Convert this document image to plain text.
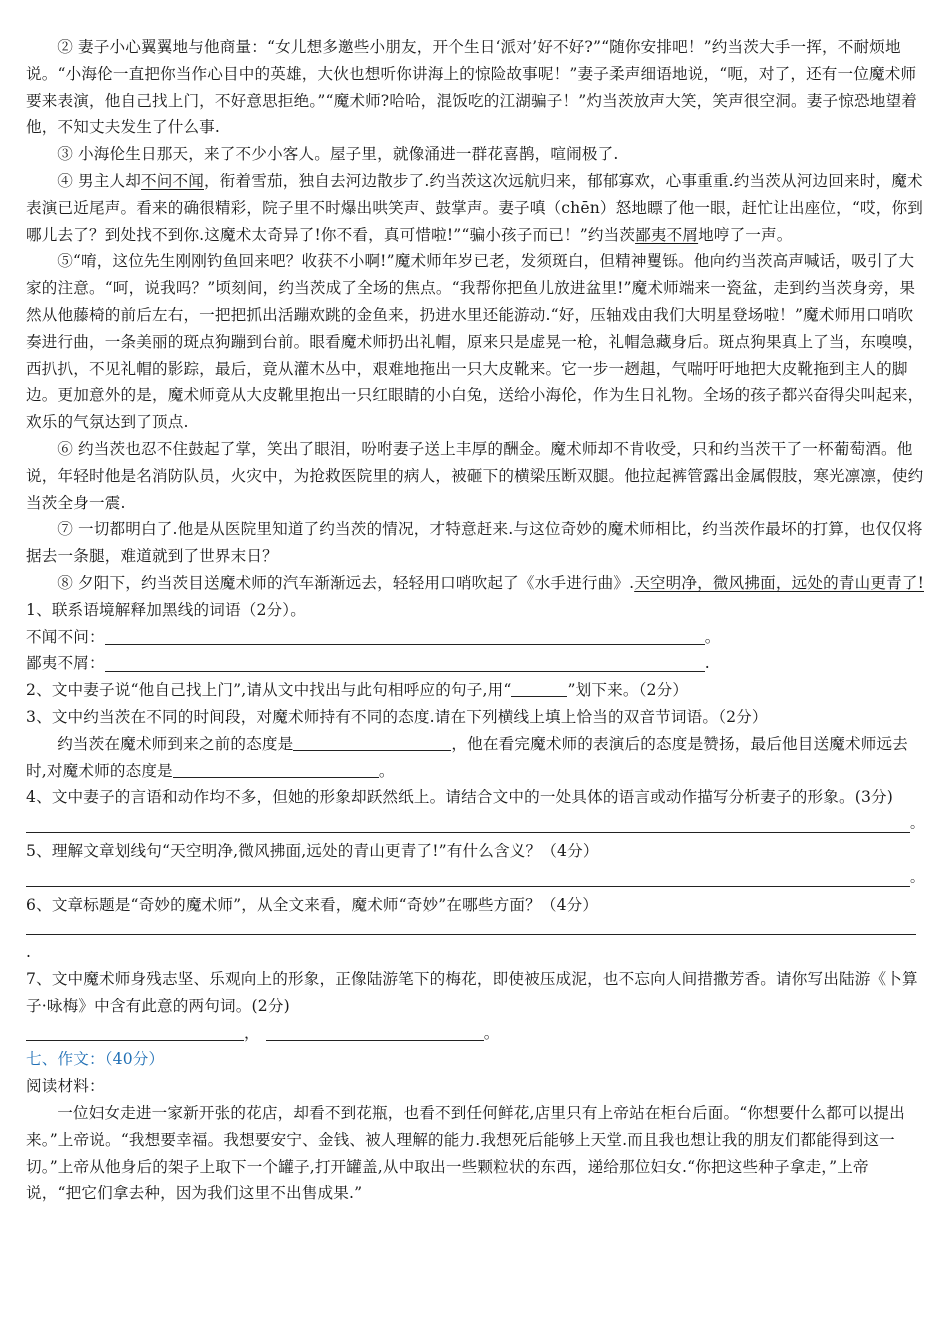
② 妻子小心翼翼地与他商量：“女儿想多邀些小朋友，开个生日‘派对’好不好?”“随你安排吧！”约当茨大手一挥，不耐烦地说。“小海伦一直把你当作心目中的英雄，大伙也想听你讲海上的惊险故事呢！”妻子柔声细语地说，“呃，对了，还有一位魔术师要来表演，他自己找上门，不好意思拒绝。”“魔术师?哈哈，混饭吃的江湖骗子！”灼当茨放声大笑，笑声很空洞。妻子惊恐地望着他，不知丈夫发生了什么事.

③ 小海伦生日那天，来了不少小客人。屋子里，就像涌进一群花喜鹊，喧闹极了.

④ 男主人却不问不闻，衔着雪茄，独自去河边散步了.约当茨这次远航归来，郁郁寡欢，心事重重.约当茨从河边回来时，魔术表演已近尾声。看来的确很精彩，院子里不时爆出哄笑声、鼓掌声。妻子嗔（chēn）怒地瞟了他一眼，赶忙让出座位，“哎，你到哪儿去了？到处找不到你.这魔术太奇异了!你不看，真可惜啦!”“骗小孩子而已！”约当茨鄙夷不屑地哼了一声。

⑤“唷，这位先生刚刚钓鱼回来吧？收获不小啊!”魔术师年岁已老，发须斑白，但精神矍铄。他向约当茨高声喊话，吸引了大家的注意。“呵，说我吗？”顷刻间，约当茨成了全场的焦点。“我帮你把鱼儿放进盆里!”魔术师端来一瓷盆，走到约当茨身旁，果然从他藤椅的前后左右，一把把抓出活蹦欢跳的金鱼来，扔进水里还能游动.“好，压轴戏由我们大明星登场啦！”魔术师用口哨吹奏进行曲，一条美丽的斑点狗蹦到台前。眼看魔术师扔出礼帽，原来只是虚晃一枪，礼帽急藏身后。斑点狗果真上了当，东嗅嗅，西扒扒，不见礼帽的影踪，最后，竟从灌木丛中，艰难地拖出一只大皮靴来。它一步一趔趄，气喘吁吁地把大皮靴拖到主人的脚边。更加意外的是，魔术师竟从大皮靴里抱出一只红眼睛的小白兔，送给小海伦，作为生日礼物。全场的孩子都兴奋得尖叫起来，欢乐的气氛达到了顶点.

⑥ 约当茨也忍不住鼓起了掌，笑出了眼泪，吩咐妻子送上丰厚的酬金。魔术师却不肯收受，只和约当茨干了一杯葡萄酒。他说，年轻时他是名消防队员，火灾中，为抢救医院里的病人，被砸下的横梁压断双腿。他拉起裤管露出金属假肢，寒光凛凛，使约当茨全身一震.

⑦ 一切都明白了.他是从医院里知道了约当茨的情况，才特意赶来.与这位奇妙的魔术师相比，约当茨作最坏的打算，也仅仅将据去一条腿，难道就到了世界末日？

⑧ 夕阳下，约当茨目送魔术师的汽车渐渐远去，轻轻用口哨吹起了《水手进行曲》.天空明净，微风拂面，远处的青山更青了!

1、联系语境解释加黑线的词语（2分）。

不闻不问：	。

鄙夷不屑：	.

2、文中妻子说“他自己找上门”,请从文中找出与此句相呼应的句子,用“	”划下来。（2分）

3、文中约当茨在不同的时间段，对魔术师持有不同的态度.请在下列横线上填上恰当的双音节词语。（2分）

约当茨在魔术师到来之前的态度是	，他在看完魔术师的表演后的态度是赞扬，最后他目送魔术师远去时,对魔术师的态度是	。

4、文中妻子的言语和动作均不多，但她的形象却跃然纸上。请结合文中的一处具体的语言或动作描写分析妻子的形象。(3分)

。

5、理解文章划线句“天空明净,微风拂面,远处的青山更青了!”有什么含义？（4分）

。

6、文章标题是“奇妙的魔术师”，从全文来看，魔术师“奇妙”在哪些方面？（4分）

.

7、文中魔术师身残志坚、乐观向上的形象，正像陆游笔下的梅花，即使被压成泥，也不忘向人间措撒芳香。请你写出陆游《卜算子·咏梅》中含有此意的两句词。(2分)

，	。

七、作文：（40分）

阅读材料：

一位妇女走进一家新开张的花店，却看不到花瓶，也看不到任何鲜花,店里只有上帝站在柜台后面。“你想要什么都可以提出来。”上帝说。“我想要幸福。我想要安宁、金钱、被人理解的能力.我想死后能够上天堂.而且我也想让我的朋友们都能得到这一切。”上帝从他身后的架子上取下一个罐子,打开罐盖,从中取出一些颗粒状的东西，递给那位妇女.“你把这些种子拿走，”上帝说，“把它们拿去种，因为我们这里不出售成果.”
